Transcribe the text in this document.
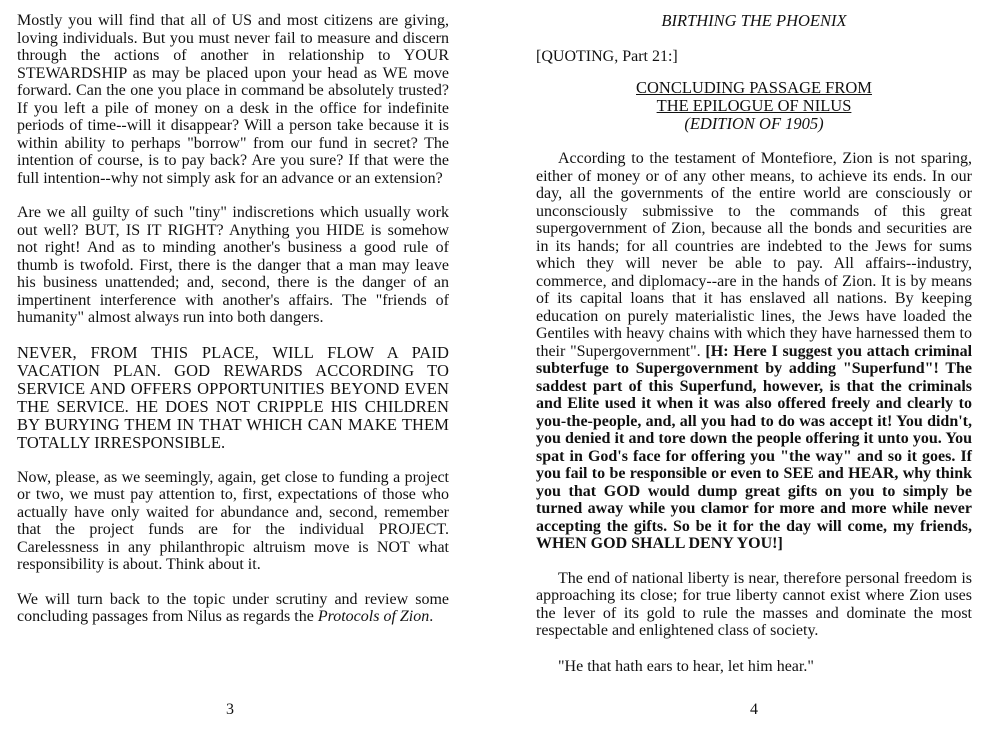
Mostly you will find that all of US and most citizens are giving, loving individuals. But you must never fail to measure and discern through the actions of another in relationship to YOUR STEWARDSHIP as may be placed upon your head as WE move forward. Can the one you place in command be absolutely trusted? If you left a pile of money on a desk in the office for indefinite periods of time--will it disappear? Will a person take because it is within ability to perhaps "borrow" from our fund in secret? The intention of course, is to pay back? Are you sure? If that were the full intention--why not simply ask for an advance or an extension?

Are we all guilty of such "tiny" indiscretions which usually work out well? BUT, IS IT RIGHT? Anything you HIDE is somehow not right! And as to minding another's business a good rule of thumb is twofold. First, there is the danger that a man may leave his business unattended; and, second, there is the danger of an impertinent interference with another's affairs. The "friends of humanity" almost always run into both dangers.

NEVER, FROM THIS PLACE, WILL FLOW A PAID VACATION PLAN. GOD REWARDS ACCORDING TO SERVICE AND OFFERS OPPORTUNITIES BEYOND EVEN THE SERVICE. HE DOES NOT CRIPPLE HIS CHILDREN BY BURYING THEM IN THAT WHICH CAN MAKE THEM TOTALLY IRRESPONSIBLE.

Now, please, as we seemingly, again, get close to funding a project or two, we must pay attention to, first, expectations of those who actually have only waited for abundance and, second, remember that the project funds are for the individual PROJECT. Carelessness in any philanthropic altruism move is NOT what responsibility is about. Think about it.

We will turn back to the topic under scrutiny and review some concluding passages from Nilus as regards the Protocols of Zion.

3
BIRTHING THE PHOENIX

[QUOTING, Part 21:]

CONCLUDING PASSAGE FROM
THE EPILOGUE OF NILUS
(EDITION OF 1905)

According to the testament of Montefiore, Zion is not sparing, either of money or of any other means, to achieve its ends. In our day, all the governments of the entire world are consciously or unconsciously submissive to the commands of this great supergovernment of Zion, because all the bonds and securities are in its hands; for all countries are indebted to the Jews for sums which they will never be able to pay. All affairs--industry, commerce, and diplomacy--are in the hands of Zion. It is by means of its capital loans that it has enslaved all nations. By keeping education on purely materialistic lines, the Jews have loaded the Gentiles with heavy chains with which they have harnessed them to their "Supergovernment". [H: Here I suggest you attach criminal subterfuge to Supergovernment by adding "Superfund"! The saddest part of this Superfund, however, is that the criminals and Elite used it when it was also offered freely and clearly to you-the-people, and, all you had to do was accept it! You didn't, you denied it and tore down the people offering it unto you. You spat in God's face for offering you "the way" and so it goes. If you fail to be responsible or even to SEE and HEAR, why think you that GOD would dump great gifts on you to simply be turned away while you clamor for more and more while never accepting the gifts. So be it for the day will come, my friends, WHEN GOD SHALL DENY YOU!]

The end of national liberty is near, therefore personal freedom is approaching its close; for true liberty cannot exist where Zion uses the lever of its gold to rule the masses and dominate the most respectable and enlightened class of society.

"He that hath ears to hear, let him hear."

4
